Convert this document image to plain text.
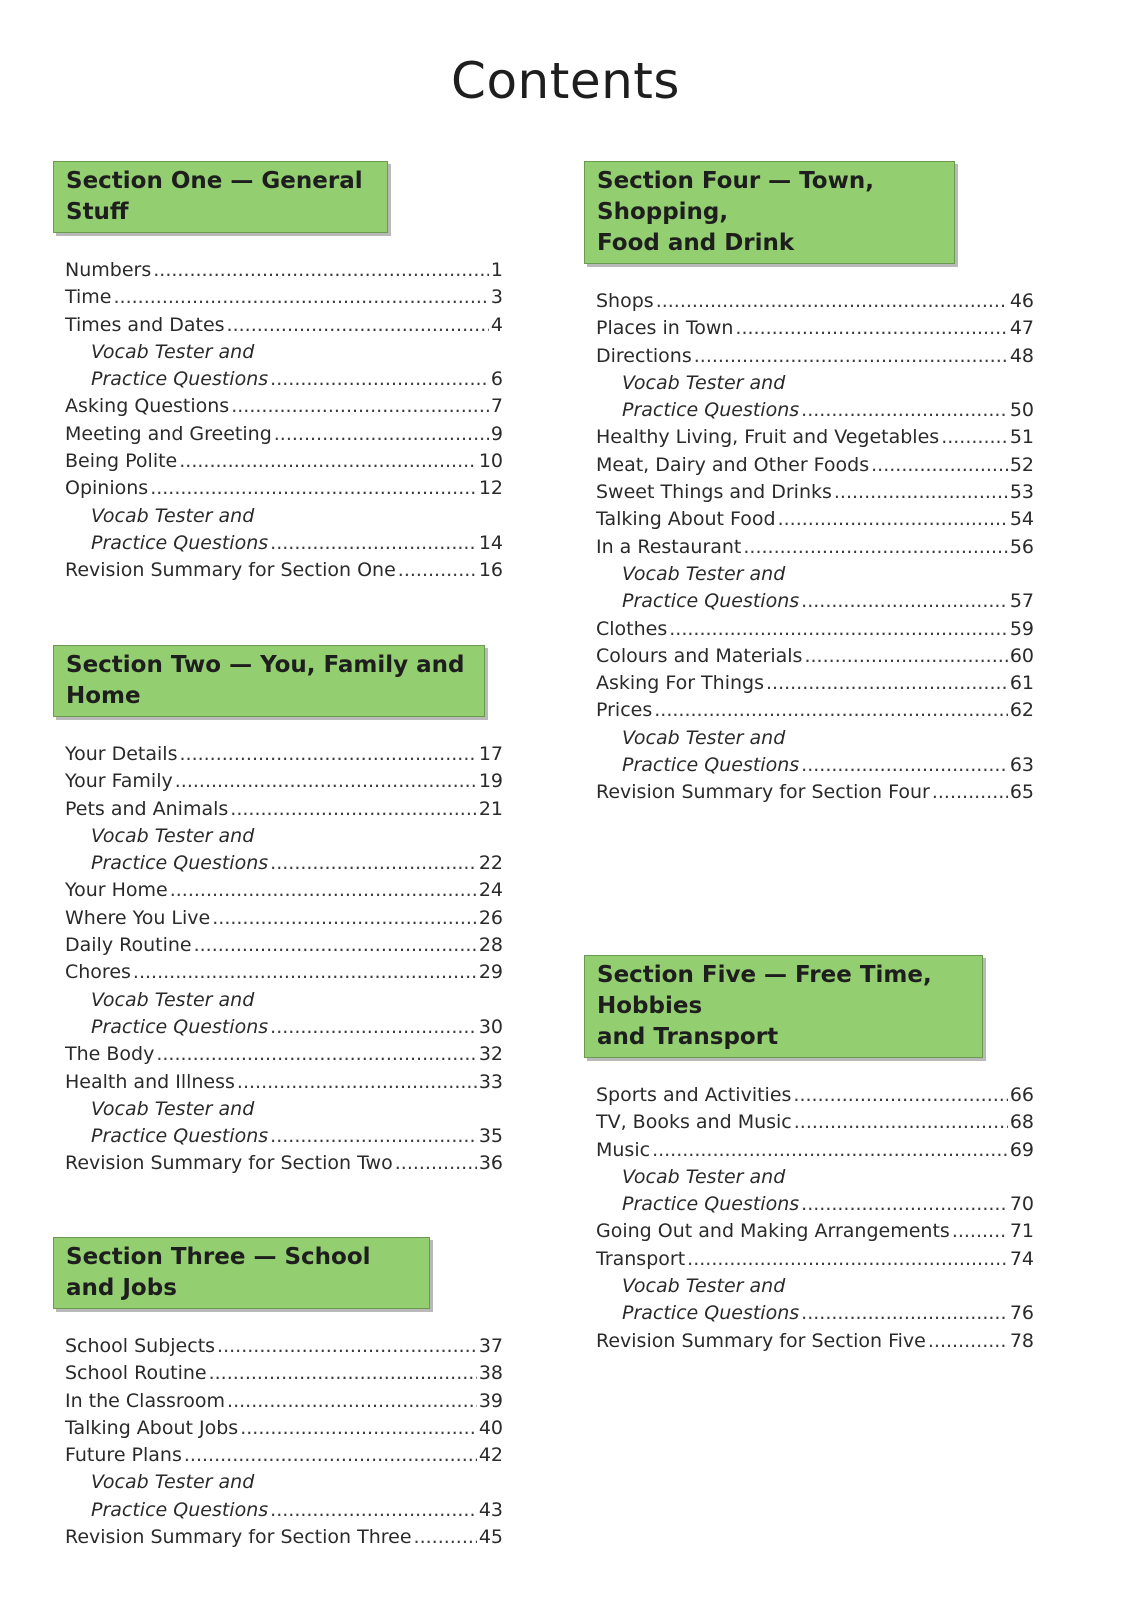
Contents
Section One — General Stuff
Numbers .....	1
Time .....	3
Times and Dates .....	4
Vocab Tester and
Practice Questions .....	6
Asking Questions .....	7
Meeting and Greeting .....	9
Being Polite .....	10
Opinions .....	12
Vocab Tester and
Practice Questions .....	14
Revision Summary for Section One .....	16
Section Two — You, Family and Home
Your Details .....	17
Your Family .....	19
Pets and Animals .....	21
Vocab Tester and
Practice Questions .....	22
Your Home .....	24
Where You Live .....	26
Daily Routine .....	28
Chores .....	29
Vocab Tester and
Practice Questions .....	30
The Body .....	32
Health and Illness .....	33
Vocab Tester and
Practice Questions .....	35
Revision Summary for Section Two .....	36
Section Three — School and Jobs
School Subjects .....	37
School Routine .....	38
In the Classroom .....	39
Talking About Jobs .....	40
Future Plans .....	42
Vocab Tester and
Practice Questions .....	43
Revision Summary for Section Three .....	45
Section Four — Town, Shopping,
Food and Drink
Shops .....	46
Places in Town .....	47
Directions .....	48
Vocab Tester and
Practice Questions .....	50
Healthy Living, Fruit and Vegetables .....	51
Meat, Dairy and Other Foods .....	52
Sweet Things and Drinks .....	53
Talking About Food .....	54
In a Restaurant .....	56
Vocab Tester and
Practice Questions .....	57
Clothes .....	59
Colours and Materials .....	60
Asking For Things .....	61
Prices .....	62
Vocab Tester and
Practice Questions .....	63
Revision Summary for Section Four .....	65
Section Five — Free Time, Hobbies
and Transport
Sports and Activities .....	66
TV, Books and Music .....	68
Music .....	69
Vocab Tester and
Practice Questions .....	70
Going Out and Making Arrangements .....	71
Transport .....	74
Vocab Tester and
Practice Questions .....	76
Revision Summary for Section Five .....	78
